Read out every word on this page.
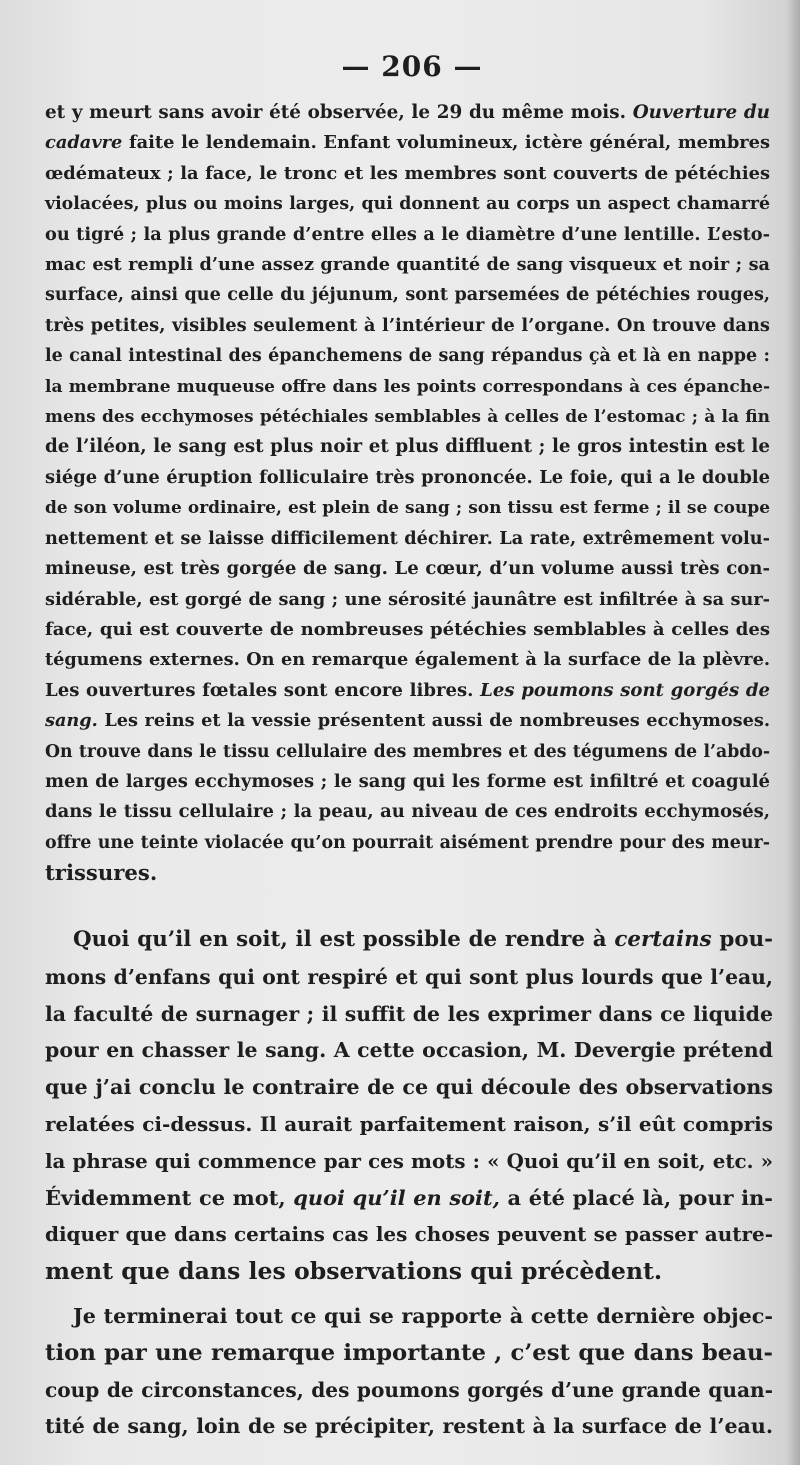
— 206 —
et y meurt sans avoir été observée, le 29 du même mois. Ouverture du
cadavre faite le lendemain. Enfant volumineux, ictère général, membres
œdémateux ; la face, le tronc et les membres sont couverts de pétéchies
violacées, plus ou moins larges, qui donnent au corps un aspect chamarré
ou tigré ; la plus grande d’entre elles a le diamètre d’une lentille. L’esto-
mac est rempli d’une assez grande quantité de sang visqueux et noir ; sa
surface, ainsi que celle du jéjunum, sont parsemées de pétéchies rouges,
très petites, visibles seulement à l’intérieur de l’organe. On trouve dans
le canal intestinal des épanchemens de sang répandus çà et là en nappe :
la membrane muqueuse offre dans les points correspondans à ces épanche-
mens des ecchymoses pétéchiales semblables à celles de l’estomac ; à la fin
de l’iléon, le sang est plus noir et plus diffluent ; le gros intestin est le
siége d’une éruption folliculaire très prononcée. Le foie, qui a le double
de son volume ordinaire, est plein de sang ; son tissu est ferme ; il se coupe
nettement et se laisse difficilement déchirer. La rate, extrêmement volu-
mineuse, est très gorgée de sang. Le cœur, d’un volume aussi très con-
sidérable, est gorgé de sang ; une sérosité jaunâtre est infiltrée à sa sur-
face, qui est couverte de nombreuses pétéchies semblables à celles des
tégumens externes. On en remarque également à la surface de la plèvre.
Les ouvertures fœtales sont encore libres. Les poumons sont gorgés de
sang. Les reins et la vessie présentent aussi de nombreuses ecchymoses.
On trouve dans le tissu cellulaire des membres et des tégumens de l’abdo-
men de larges ecchymoses ; le sang qui les forme est infiltré et coagulé
dans le tissu cellulaire ; la peau, au niveau de ces endroits ecchymosés,
offre une teinte violacée qu’on pourrait aisément prendre pour des meur-
trissures.
Quoi qu’il en soit, il est possible de rendre à certains pou-
mons d’enfans qui ont respiré et qui sont plus lourds que l’eau,
la faculté de surnager ; il suffit de les exprimer dans ce liquide
pour en chasser le sang. A cette occasion, M. Devergie prétend
que j’ai conclu le contraire de ce qui découle des observations
relatées ci-dessus. Il aurait parfaitement raison, s’il eût compris
la phrase qui commence par ces mots : « Quoi qu’il en soit, etc. »
Évidemment ce mot, quoi qu’il en soit, a été placé là, pour in-
diquer que dans certains cas les choses peuvent se passer autre-
ment que dans les observations qui précèdent.
Je terminerai tout ce qui se rapporte à cette dernière objec-
tion par une remarque importante , c’est que dans beau-
coup de circonstances, des poumons gorgés d’une grande quan-
tité de sang, loin de se précipiter, restent à la surface de l’eau.
